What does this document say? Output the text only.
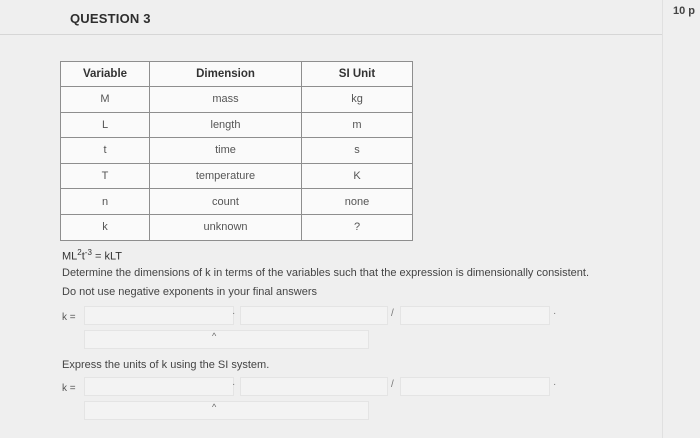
QUESTION 3	10 p
Variable	Dimension	SI Unit
M	mass	kg
L	length	m
t	time	s
T	temperature	K
n	count	none
k	unknown	?
$ML^2t^{-3}$ = kLT
Determine the dimensions of k in terms of the variables such that the expression is dimensionally consistent.
Do not use negative exponents in your final answers
k =	·	/	·
^
Express the units of k using the SI system.
k =	·	/	·
^
